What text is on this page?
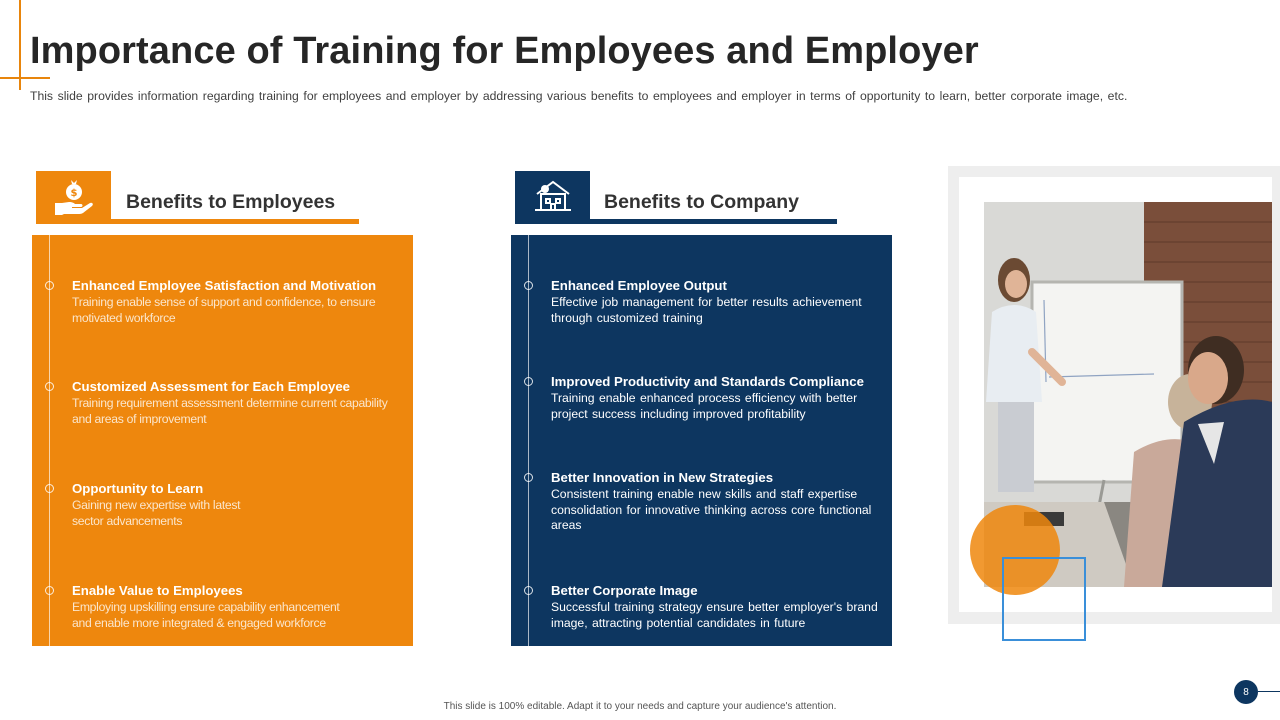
Importance of Training for Employees and Employer

This slide provides information regarding training for employees and employer by addressing various benefits to employees and employer in terms of opportunity to learn, better corporate image, etc.

$	Benefits to Employees	Benefits to Company
Enhanced Employee Satisfaction and Motivation
Training enable sense of support and confidence, to ensure motivated workforce
Customized Assessment for Each Employee
Training requirement assessment determine current capability and areas of improvement
Opportunity to Learn
Gaining new expertise with latest sector advancements
Enable Value to Employees
Employing upskilling ensure capability enhancement and enable more integrated & engaged workforce
Enhanced Employee Output
Effective job management for better results achievement through customized training
Improved Productivity and Standards Compliance
Training enable enhanced process efficiency with better project success including improved profitability
Better Innovation in New Strategies
Consistent training enable new skills and staff expertise consolidation for innovative thinking across core functional areas
Better Corporate Image
Successful training strategy ensure better employer's brand image, attracting potential candidates in future
This slide is 100% editable. Adapt it to your needs and capture your audience's attention.
8
